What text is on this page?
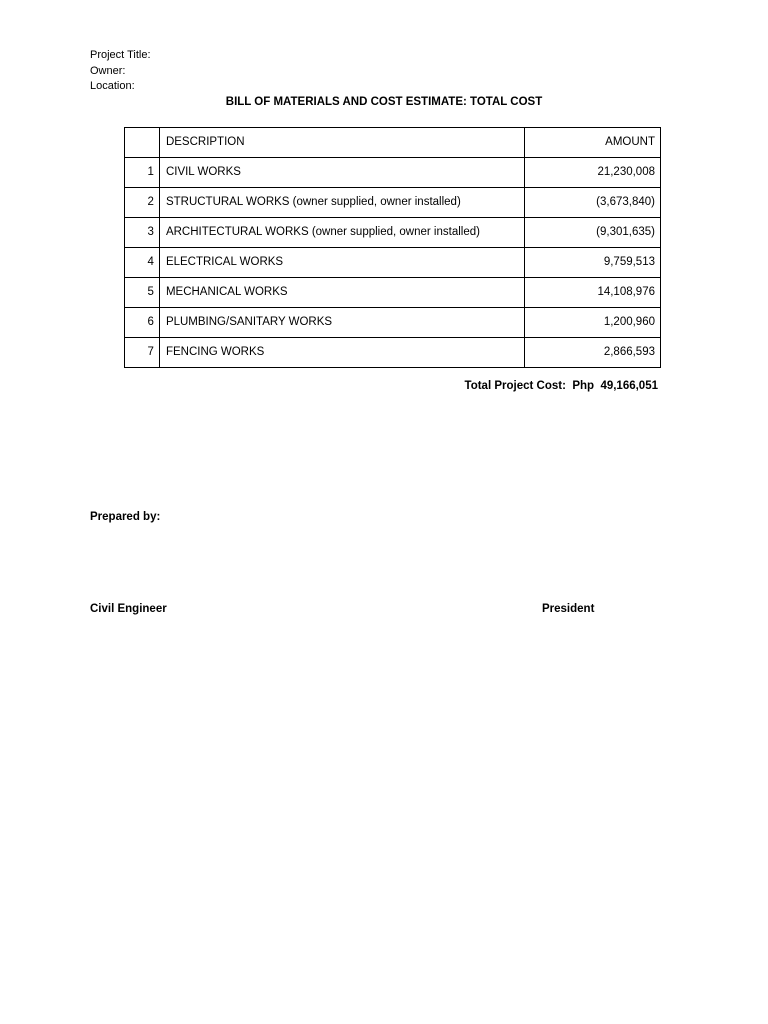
Project Title:
Owner:
Location:
BILL OF MATERIALS AND COST ESTIMATE: TOTAL COST
	DESCRIPTION	AMOUNT
1	CIVIL WORKS	21,230,008
2	STRUCTURAL WORKS (owner supplied, owner installed)	(3,673,840)
3	ARCHITECTURAL WORKS (owner supplied, owner installed)	(9,301,635)
4	ELECTRICAL WORKS	9,759,513
5	MECHANICAL WORKS	14,108,976
6	PLUMBING/SANITARY WORKS	1,200,960
7	FENCING WORKS	2,866,593
Total Project Cost: Php 49,166,051
Prepared by:
Civil Engineer	President
